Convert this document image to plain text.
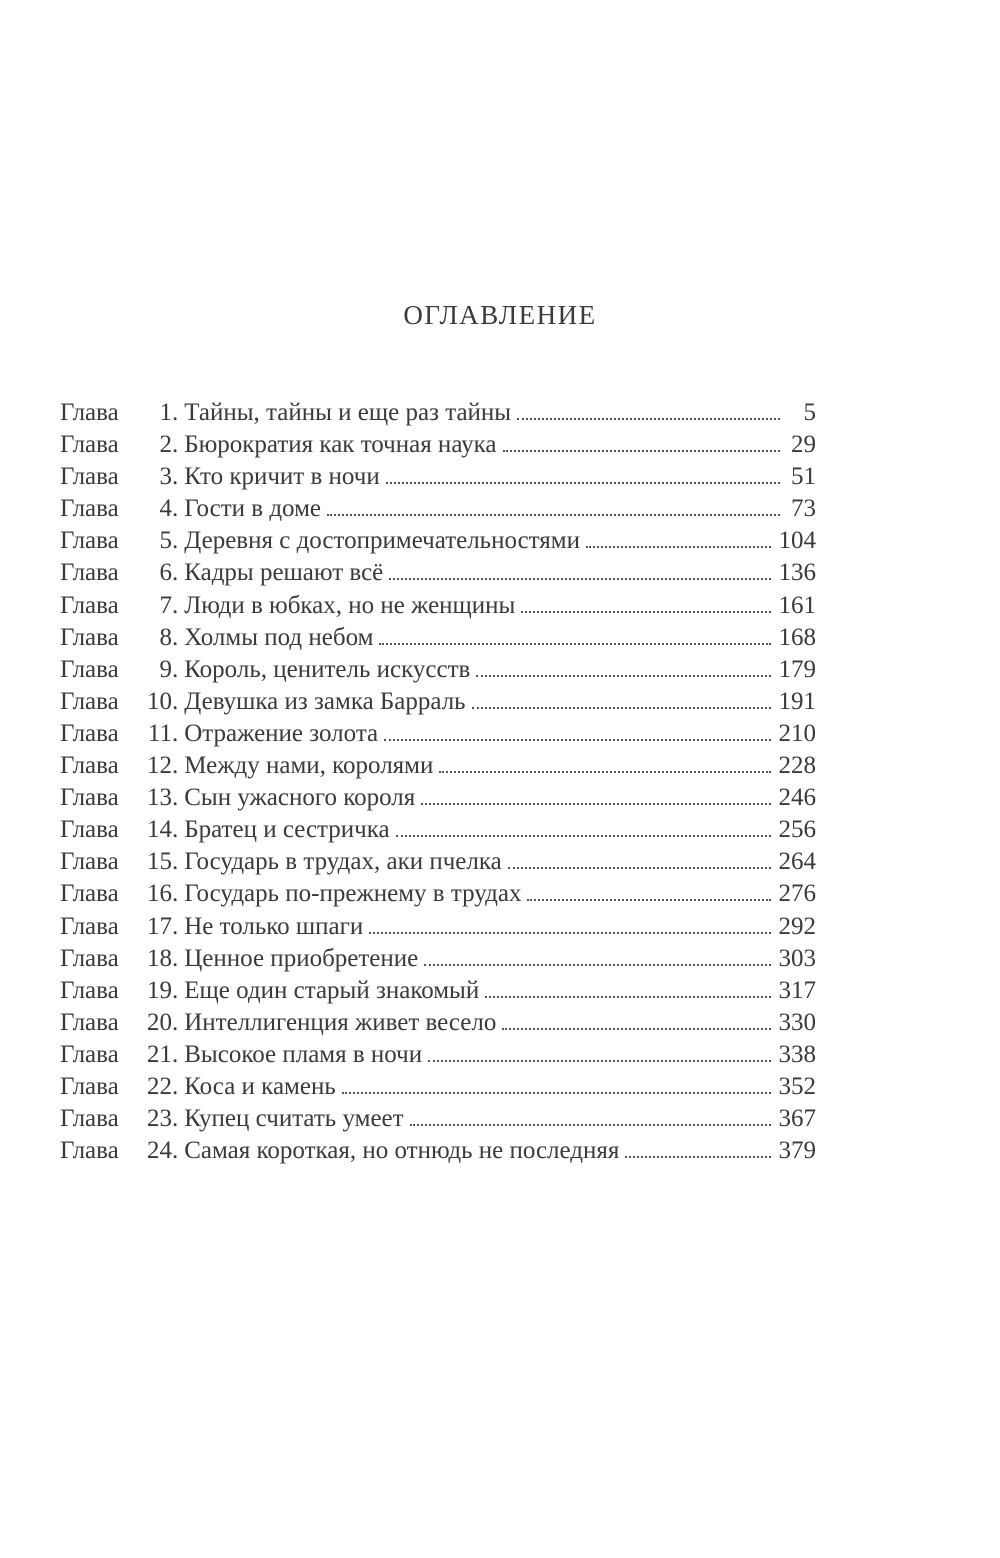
ОГЛАВЛЕНИЕ
Глава	1 . Тайны, тайны и еще раз тайны	5
Глава	2 . Бюрократия как точная наука	29
Глава	3 . Кто кричит в ночи	51
Глава	4 . Гости в доме	73
Глава	5 . Деревня с достопримечательностями	104
Глава	6 . Кадры решают всё	136
Глава	7 . Люди в юбках, но не женщины	161
Глава	8 . Холмы под небом	168
Глава	9 . Король, ценитель искусств	179
Глава	10 . Девушка из замка Барраль	191
Глава	11 . Отражение золота	210
Глава	12 . Между нами, королями	228
Глава	13 . Сын ужасного короля	246
Глава	14 . Братец и сестричка	256
Глава	15 . Государь в трудах, аки пчелка	264
Глава	16 . Государь по-прежнему в трудах	276
Глава	17 . Не только шпаги	292
Глава	18 . Ценное приобретение	303
Глава	19 . Еще один старый знакомый	317
Глава	20 . Интеллигенция живет весело	330
Глава	21 . Высокое пламя в ночи	338
Глава	22 . Коса и камень	352
Глава	23 . Купец считать умеет	367
Глава	24 . Самая короткая, но отнюдь не последняя	379
